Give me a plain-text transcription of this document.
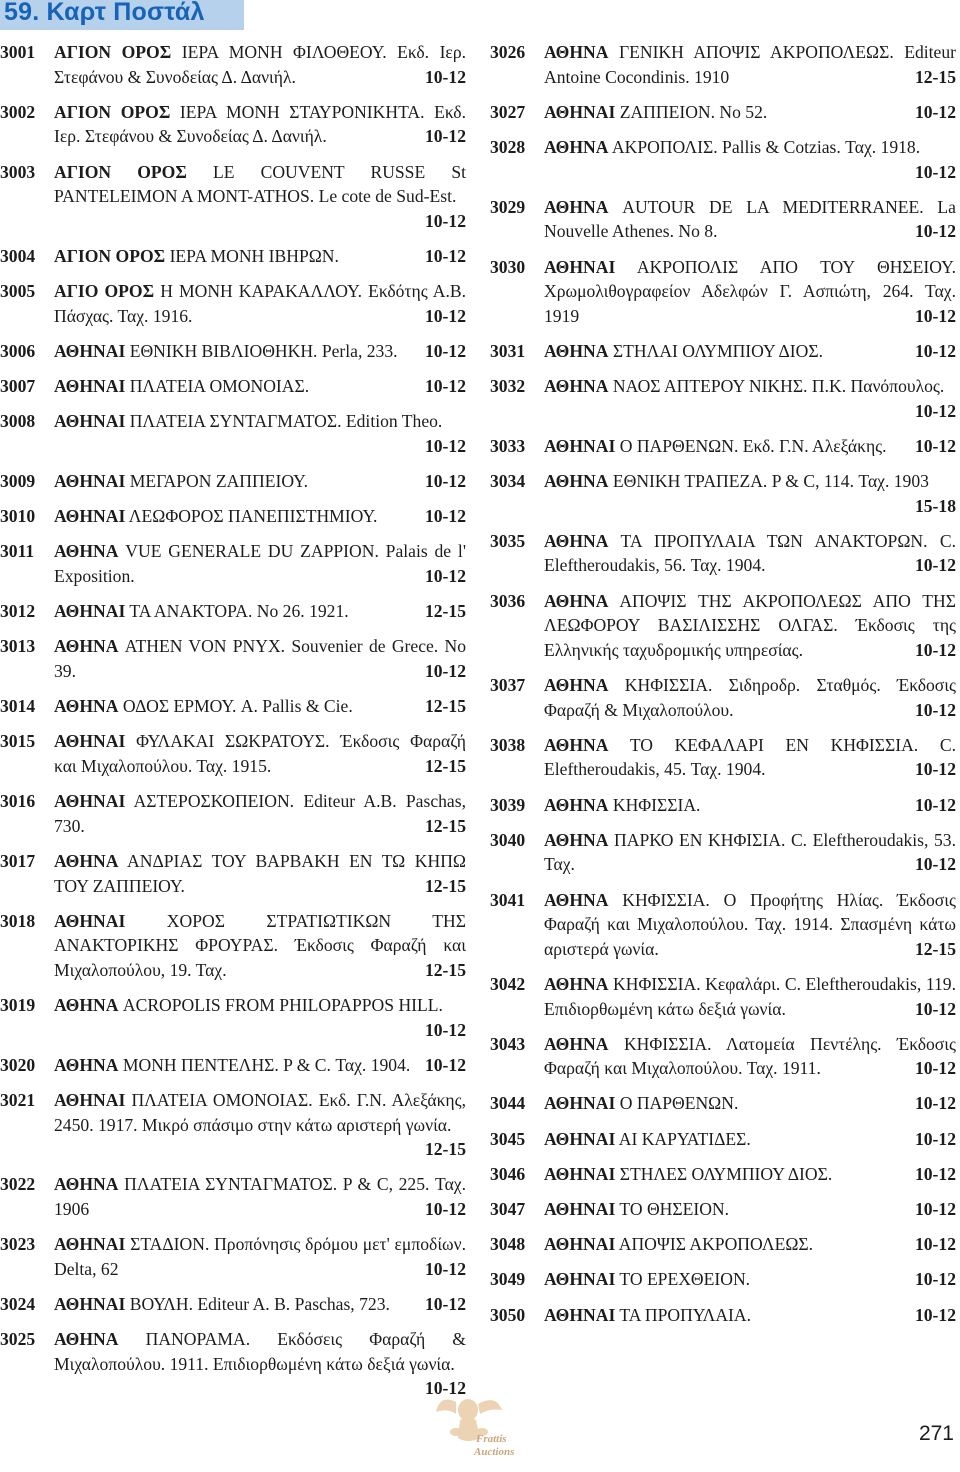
59. Καρτ Ποστάλ
3001	ΑΓΙΟΝ ΟΡΟΣ ΙΕΡΑ ΜΟΝΗ ΦΙΛΟΘΕΟΥ. Εκδ. Ιερ. Στεφάνου & Συνοδείας Δ. Δανιήλ.	10-12
3002	ΑΓΙΟΝ ΟΡΟΣ ΙΕΡΑ ΜΟΝΗ ΣΤΑΥΡΟΝΙΚΗΤΑ. Εκδ. Ιερ. Στεφάνου & Συνοδείας Δ. Δανιήλ.	10-12
3003	ΑΓΙΟΝ ΟΡΟΣ LE COUVENT RUSSE St PANTELEIMON A MONT-ATHOS. Le cote de Sud-Est.
10-12
3004	ΑΓΙΟΝ ΟΡΟΣ ΙΕΡΑ ΜΟΝΗ ΙΒΗΡΩΝ.	10-12
3005	ΑΓΙΟ ΟΡΟΣ Η ΜΟΝΗ ΚΑΡΑΚΑΛΛΟΥ. Εκδότης Α.Β. Πάσχας. Ταχ. 1916.	10-12
3006	ΑΘΗΝΑΙ ΕΘΝΙΚΗ ΒΙΒΛΙΟΘΗΚΗ. Perla, 233. 10-12
3007	ΑΘΗΝΑΙ ΠΛΑΤΕΙΑ ΟΜΟΝΟΙΑΣ.	10-12
3008	ΑΘΗΝΑΙ ΠΛΑΤΕΙΑ ΣΥΝΤΑΓΜΑΤΟΣ. Edition Theo.
10-12
3009	ΑΘΗΝΑΙ ΜΕΓΑΡΟΝ ΖΑΠΠΕΙΟΥ.	10-12
3010	ΑΘΗΝΑΙ ΛΕΩΦΟΡΟΣ ΠΑΝΕΠΙΣΤΗΜΙΟΥ.	10-12
3011	ΑΘΗΝΑ VUE GENERALE DU ZAPPION. Palais de l' Exposition.	10-12
3012	ΑΘΗΝΑΙ ΤΑ ΑΝΑΚΤΟΡΑ. No 26. 1921.	12-15
3013	ΑΘΗΝΑ ATHEN VON PNYX. Souvenier de Grece. No 39.	10-12
3014	ΑΘΗΝΑ ΟΔΟΣ ΕΡΜΟΥ. A. Pallis & Cie.	12-15
3015	ΑΘΗΝΑΙ ΦΥΛΑΚΑΙ ΣΩΚΡΑΤΟΥΣ. Έκδοσις Φαραζή και Μιχαλοπούλου. Ταχ. 1915.	12-15
3016	ΑΘΗΝΑΙ ΑΣΤΕΡΟΣΚΟΠΕΙΟΝ. Editeur A.B. Paschas, 730.	12-15
3017	ΑΘΗΝΑ ΑΝΔΡΙΑΣ ΤΟΥ ΒΑΡΒΑΚΗ ΕΝ ΤΩ ΚΗΠΩ ΤΟΥ ΖΑΠΠΕΙΟΥ.	12-15
3018	ΑΘΗΝΑΙ ΧΟΡΟΣ ΣΤΡΑΤΙΩΤΙΚΩΝ ΤΗΣ ΑΝΑΚΤΟΡΙΚΗΣ ΦΡΟΥΡΑΣ. Έκδοσις Φαραζή και Μιχαλοπούλου, 19. Ταχ.	12-15
3019	ΑΘΗΝΑ ACROPOLIS FROM PHILOPAPPOS HILL.
10-12
3020	ΑΘΗΝΑ ΜΟΝΗ ΠΕΝΤΕΛΗΣ. P & C. Ταχ. 1904. 10-12
3021	ΑΘΗΝΑΙ ΠΛΑΤΕΙΑ ΟΜΟΝΟΙΑΣ. Εκδ. Γ.Ν. Αλεξάκης, 2450. 1917. Μικρό σπάσιμο στην κάτω αριστερή γωνία.
12-15
3022	ΑΘΗΝΑ ΠΛΑΤΕΙΑ ΣΥΝΤΑΓΜΑΤΟΣ. P & C, 225. Ταχ. 1906	10-12
3023	ΑΘΗΝΑΙ ΣΤΑΔΙΟΝ. Προπόνησις δρόμου μετ' εμποδίων. Delta, 62	10-12
3024	ΑΘΗΝΑΙ ΒΟΥΛΗ. Editeur A. B. Paschas, 723. 10-12
3025	ΑΘΗΝΑ ΠΑΝΟΡΑΜΑ. Εκδόσεις Φαραζή & Μιχαλοπούλου. 1911. Επιδιορθωμένη κάτω δεξιά γωνία.
10-12
3026	ΑΘΗΝΑ ΓΕΝΙΚΗ ΑΠΟΨΙΣ ΑΚΡΟΠΟΛΕΩΣ. Editeur Antoine Cocondinis. 1910	12-15
3027	ΑΘΗΝΑΙ ΖΑΠΠΕΙΟΝ. No 52.	10-12
3028	ΑΘΗΝΑ ΑΚΡΟΠΟΛΙΣ. Pallis & Cotzias. Ταχ. 1918.
10-12
3029	ΑΘΗΝΑ AUTOUR DE LA MEDITERRANEE. La Nouvelle Athenes. No 8.	10-12
3030	ΑΘΗΝΑΙ ΑΚΡΟΠΟΛΙΣ ΑΠΟ ΤΟΥ ΘΗΣΕΙΟΥ. Χρωμολιθογραφείον Αδελφών Γ. Ασπιώτη, 264. Ταχ. 1919	10-12
3031	ΑΘΗΝΑ ΣΤΗΛΑΙ ΟΛΥΜΠΙΟΥ ΔΙΟΣ.	10-12
3032	ΑΘΗΝΑ ΝΑΟΣ ΑΠΤΕΡΟΥ ΝΙΚΗΣ. Π.Κ. Πανόπουλος.
10-12
3033	ΑΘΗΝΑΙ Ο ΠΑΡΘΕΝΩΝ. Εκδ. Γ.Ν. Αλεξάκης. 10-12
3034	ΑΘΗΝΑ ΕΘΝΙΚΗ ΤΡΑΠΕΖΑ. P & C, 114. Ταχ. 1903
15-18
3035	ΑΘΗΝΑ ΤΑ ΠΡΟΠΥΛΑΙΑ ΤΩΝ ΑΝΑΚΤΟΡΩΝ. C. Eleftheroudakis, 56. Ταχ. 1904.	10-12
3036	ΑΘΗΝΑ ΑΠΟΨΙΣ ΤΗΣ ΑΚΡΟΠΟΛΕΩΣ ΑΠΟ ΤΗΣ ΛΕΩΦΟΡΟΥ ΒΑΣΙΛΙΣΣΗΣ ΟΛΓΑΣ. Έκδοσις της Ελληνικής ταχυδρομικής υπηρεσίας.	10-12
3037	ΑΘΗΝΑ ΚΗΦΙΣΣΙΑ. Σιδηροδρ. Σταθμός. Έκδοσις Φαραζή & Μιχαλοπούλου.	10-12
3038	ΑΘΗΝΑ ΤΟ ΚΕΦΑΛΑΡΙ ΕΝ ΚΗΦΙΣΣΙΑ. C. Eleftheroudakis, 45. Ταχ. 1904.	10-12
3039	ΑΘΗΝΑ ΚΗΦΙΣΣΙΑ.	10-12
3040	ΑΘΗΝΑ ΠΑΡΚΟ ΕΝ ΚΗΦΙΣΙΑ. C. Eleftheroudakis, 53. Ταχ.	10-12
3041	ΑΘΗΝΑ ΚΗΦΙΣΣΙΑ. Ο Προφήτης Ηλίας. Έκδοσις Φαραζή και Μιχαλοπούλου. Ταχ. 1914. Σπασμένη κάτω αριστερά γωνία.	12-15
3042	ΑΘΗΝΑ ΚΗΦΙΣΣΙΑ. Κεφαλάρι. C. Eleftheroudakis, 119. Επιδιορθωμένη κάτω δεξιά γωνία.	10-12
3043	ΑΘΗΝΑ ΚΗΦΙΣΣΙΑ. Λατομεία Πεντέλης. Έκδοσις Φαραζή και Μιχαλοπούλου. Ταχ. 1911.	10-12
3044	ΑΘΗΝΑΙ Ο ΠΑΡΘΕΝΩΝ.	10-12
3045	ΑΘΗΝΑΙ ΑΙ ΚΑΡΥΑΤΙΔΕΣ.	10-12
3046	ΑΘΗΝΑΙ ΣΤΗΛΕΣ ΟΛΥΜΠΙΟΥ ΔΙΟΣ.	10-12
3047	ΑΘΗΝΑΙ ΤΟ ΘΗΣΕΙΟΝ.	10-12
3048	ΑΘΗΝΑΙ ΑΠΟΨΙΣ ΑΚΡΟΠΟΛΕΩΣ.	10-12
3049	ΑΘΗΝΑΙ ΤΟ ΕΡΕΧΘΕΙΟΝ.	10-12
3050	ΑΘΗΝΑΙ ΤΑ ΠΡΟΠΥΛΑΙΑ.	10-12
Frattis
Auctions
271
